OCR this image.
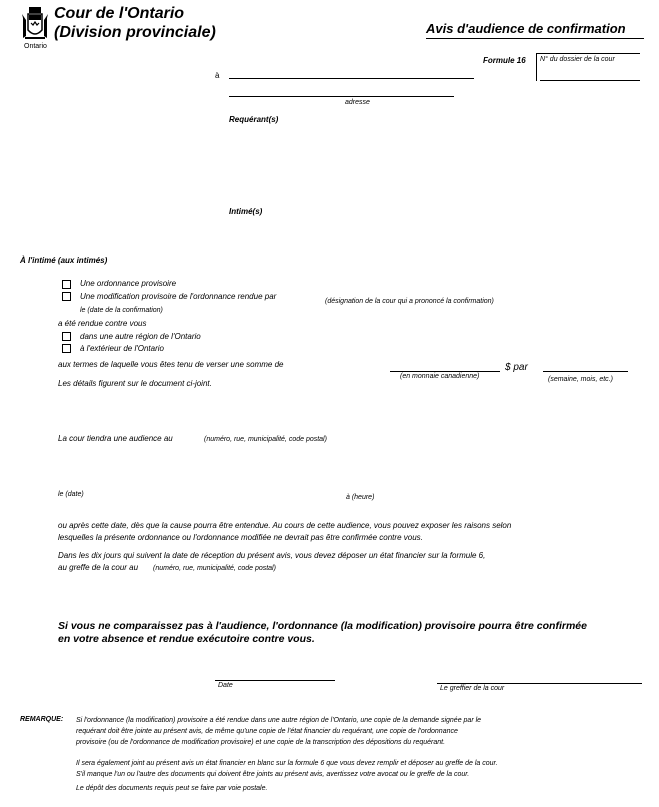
Ontario
Cour de l'Ontario
(Division provinciale)	Avis d'audience de confirmation
Formule 16 N° du dossier de la cour
à
adresse
Requérant(s)
Intimé(s)
À l'intimé (aux intimés)
Une ordonnance provisoire
Une modification provisoire de l'ordonnance rendue par
(désignation de la cour qui a prononcé la confirmation)
le (date de la confirmation)
a été rendue contre vous
dans une autre région de l'Ontario
à l'extérieur de l'Ontario
aux termes de laquelle vous êtes tenu de verser une somme de
(en monnaie canadienne)
$ par
(semaine, mois, etc.)
Les détails figurent sur le document ci-joint.
La cour tiendra une audience au	(numéro, rue, municipalité, code postal)
le (date)	à (heure)
ou après cette date, dès que la cause pourra être entendue. Au cours de cette audience, vous pouvez exposer les raisons selon
lesquelles la présente ordonnance ou l'ordonnance modifiée ne devrait pas être confirmée contre vous.
Dans les dix jours qui suivent la date de réception du présent avis, vous devez déposer un état financier sur la formule 6,
au greffe de la cour au (numéro, rue, municipalité, code postal)
Si vous ne comparaissez pas à l'audience, l'ordonnance (la modification) provisoire pourra être confirmée
en votre absence et rendue exécutoire contre vous.
Date	Le greffier de la cour
REMARQUE: Si l'ordonnance (la modification) provisoire a été rendue dans une autre région de l'Ontario, une copie de la demande signée par le
requérant doit être jointe au présent avis, de même qu'une copie de l'état financier du requérant, une copie de l'ordonnance
provisoire (ou de l'ordonnance de modification provisoire) et une copie de la transcription des dépositions du requérant.
Il sera également joint au présent avis un état financier en blanc sur la formule 6 que vous devez remplir et déposer au greffe de la cour.
S'il manque l'un ou l'autre des documents qui doivent être joints au présent avis, avertissez votre avocat ou le greffe de la cour.
Le dépôt des documents requis peut se faire par voie postale.
